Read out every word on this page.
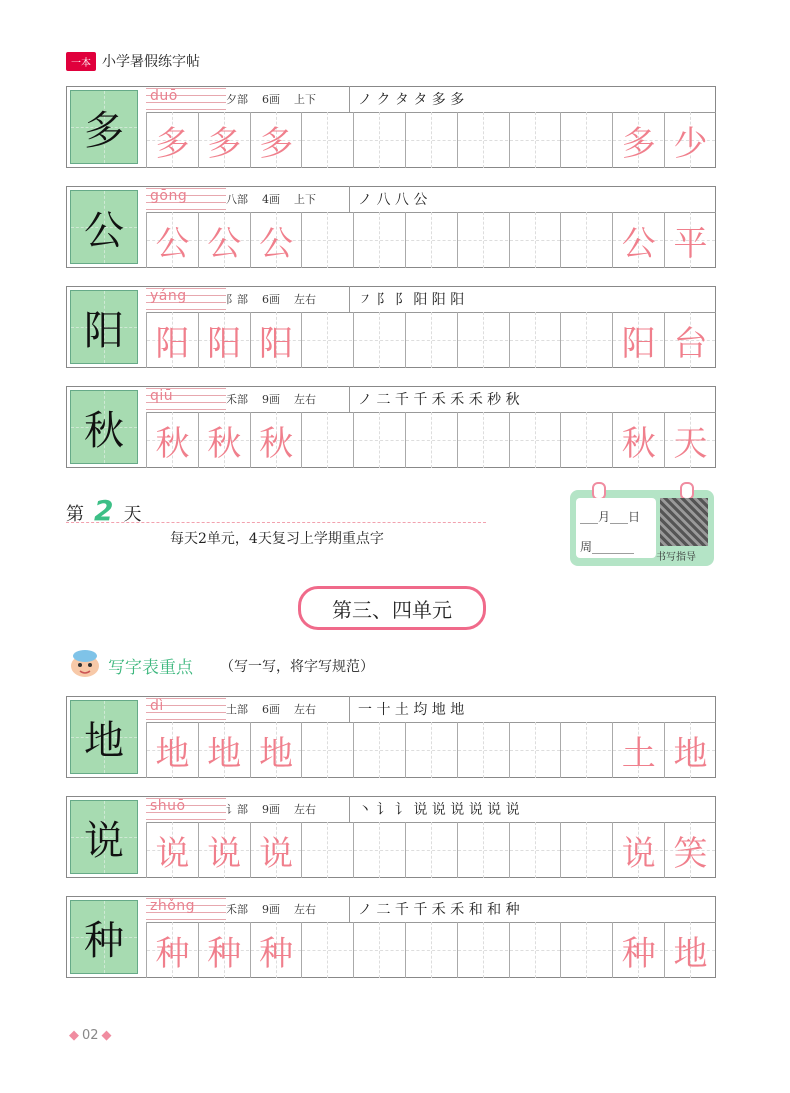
一本 小学暑假练字帖
多
duō	夕部 6画 上下	ノ ク タ タ 多 多
多 多 多	多 少
公
gōng	八部 4画 上下	ノ 八 八 公
公 公 公	公 平
阳
yáng	阝部 6画 左右	㇇ 阝 阝 阳 阳 阳
阳 阳 阳	阳 台
秋
qiū	禾部 9画 左右	ノ 二 千 千 禾 禾 禾 秒 秋
秋 秋 秋	秋 天
第 2 天
每天2单元，4天复习上学期重点字
___月___日
周_______
书写指导
第三、四单元
写字表重点 （写一写，将字写规范）
地
dì	土部 6画 左右	一 十 土 均 地 地
地 地 地	土 地
说
shuō	讠部 9画 左右	丶 讠 讠 说 说 说 说 说 说
说 说 说	说 笑
种
zhǒng	禾部 9画 左右	ノ 二 千 千 禾 禾 和 和 种
种 种 种	种 地
◆ 02 ◆
